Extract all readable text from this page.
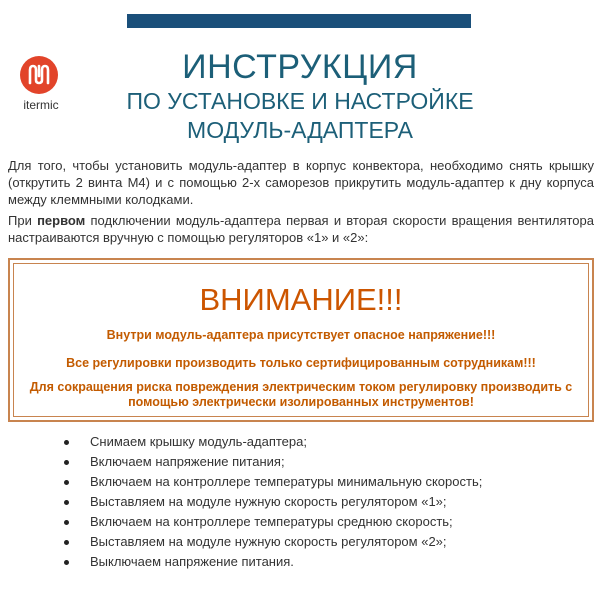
itermic
ИНСТРУКЦИЯ
ПО УСТАНОВКЕ И НАСТРОЙКЕ
МОДУЛЬ-АДАПТЕРА

Для того, чтобы установить модуль-адаптер в корпус конвектора, необходимо снять крышку (открутить 2 винта М4) и с помощью 2-х саморезов прикрутить модуль-адаптер к дну корпуса между клеммными колодками.

При первом подключении модуль-адаптера первая и вторая скорости вращения вентилятора настраиваются вручную с помощью регуляторов «1» и «2»:

ВНИМАНИЕ!!!
Внутри модуль-адаптера присутствует опасное напряжение!!!
Все регулировки производить только сертифицированным сотрудникам!!!
Для сокращения риска повреждения электрическим током регулировку производить с помощью электрически изолированных инструментов!
Снимаем крышку модуль-адаптера;
Включаем напряжение питания;
Включаем на контроллере температуры минимальную скорость;
Выставляем на модуле нужную скорость регулятором «1»;
Включаем на контроллере температуры среднюю скорость;
Выставляем на модуле нужную скорость регулятором «2»;
Выключаем напряжение питания.
